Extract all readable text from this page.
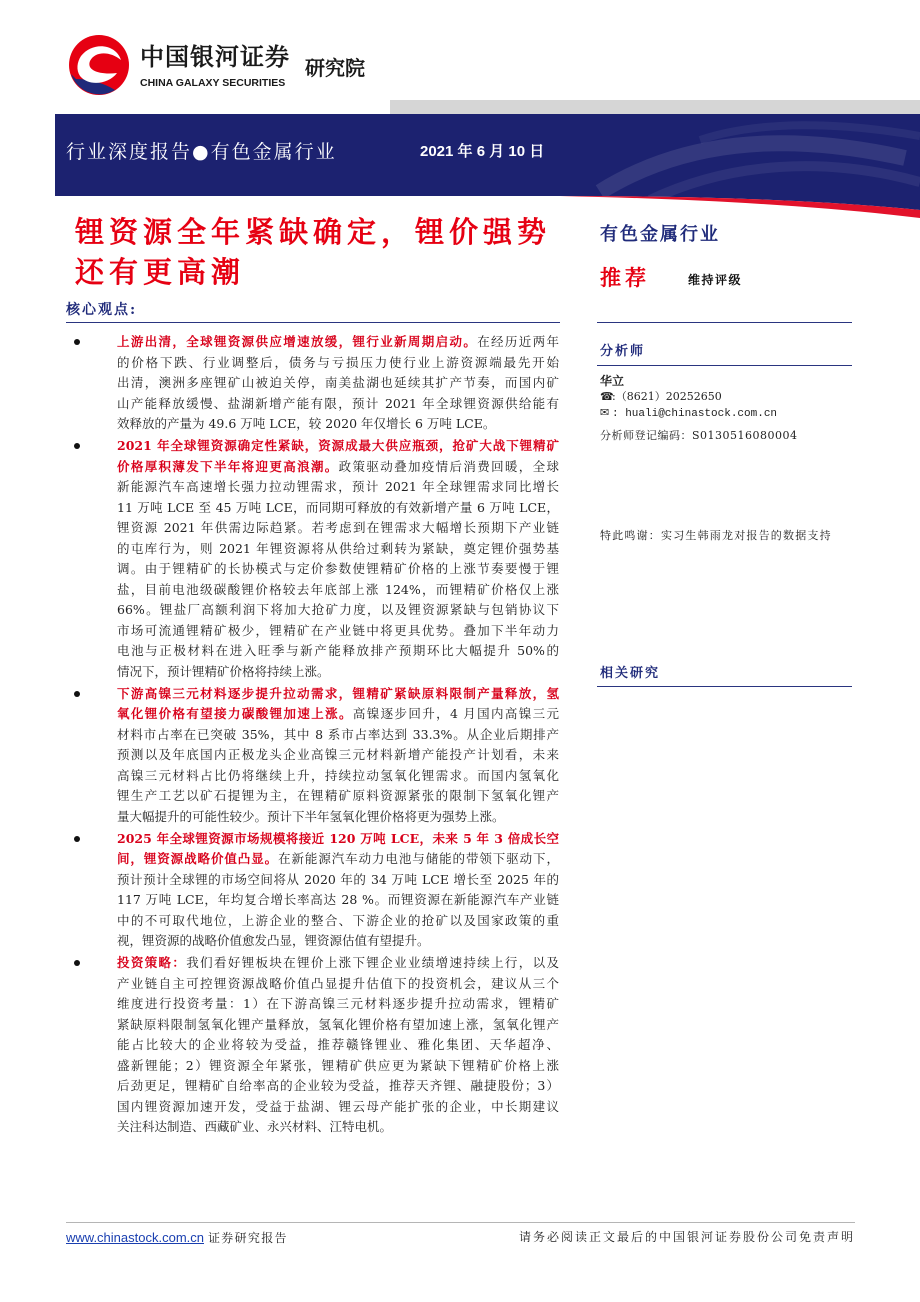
中国银河证券
CHINA GALAXY SECURITIES
研究院
行业深度报告●有色金属行业	2021 年 6 月 10 日
锂资源全年紧缺确定，锂价强势
还有更高潮
有色金属行业
推荐	维持评级
分析师
华立
☎:（8621）20252650
✉ : huali@chinastock.com.cn
分析师登记编码：S0130516080004
特此鸣谢：实习生韩雨龙对报告的数据支持
相关研究
核心观点:
上游出清，全球锂资源供应增速放缓，锂行业新周期启动。在经历近两年
的价格下跌、行业调整后，债务与亏损压力使行业上游资源端最先开始
出清，澳洲多座锂矿山被迫关停，南美盐湖也延续其扩产节奏，而国内矿
山产能释放缓慢、盐湖新增产能有限，预计 2021 年全球锂资源供给能有
效释放的产量为 49.6 万吨 LCE，较 2020 年仅增长 6 万吨 LCE。
2021 年全球锂资源确定性紧缺，资源成最大供应瓶颈，抢矿大战下锂精矿
价格厚积薄发下半年将迎更高浪潮。政策驱动叠加疫情后消费回暖，全球
新能源汽车高速增长强力拉动锂需求，预计 2021 年全球锂需求同比增长
11 万吨 LCE 至 45 万吨 LCE，而同期可释放的有效新增产量 6 万吨 LCE，
锂资源 2021 年供需边际趋紧。若考虑到在锂需求大幅增长预期下产业链
的屯库行为，则 2021 年锂资源将从供给过剩转为紧缺，奠定锂价强势基
调。由于锂精矿的长协模式与定价参数使锂精矿价格的上涨节奏要慢于锂
盐，目前电池级碳酸锂价格较去年底部上涨 124%，而锂精矿价格仅上涨
66%。锂盐厂高额利润下将加大抢矿力度，以及锂资源紧缺与包销协议下
市场可流通锂精矿极少，锂精矿在产业链中将更具优势。叠加下半年动力
电池与正极材料在进入旺季与新产能释放排产预期环比大幅提升 50%的
情况下，预计锂精矿价格将持续上涨。
下游高镍三元材料逐步提升拉动需求，锂精矿紧缺原料限制产量释放，氢
氧化锂价格有望接力碳酸锂加速上涨。高镍逐步回升，4 月国内高镍三元
材料市占率在已突破 35%，其中 8 系市占率达到 33.3%。从企业后期排产
预测以及年底国内正极龙头企业高镍三元材料新增产能投产计划看，未来
高镍三元材料占比仍将继续上升，持续拉动氢氧化锂需求。而国内氢氧化
锂生产工艺以矿石提锂为主，在锂精矿原料资源紧张的限制下氢氧化锂产
量大幅提升的可能性较少。预计下半年氢氧化锂价格将更为强势上涨。
2025 年全球锂资源市场规模将接近 120 万吨 LCE，未来 5 年 3 倍成长空
间，锂资源战略价值凸显。在新能源汽车动力电池与储能的带领下驱动下，
预计预计全球锂的市场空间将从 2020 年的 34 万吨 LCE 增长至 2025 年的
117 万吨 LCE，年均复合增长率高达 28 %。而锂资源在新能源汽车产业链
中的不可取代地位，上游企业的整合、下游企业的抢矿以及国家政策的重
视，锂资源的战略价值愈发凸显，锂资源估值有望提升。
投资策略：我们看好锂板块在锂价上涨下锂企业业绩增速持续上行，以及
产业链自主可控锂资源战略价值凸显提升估值下的投资机会，建议从三个
维度进行投资考量：1）在下游高镍三元材料逐步提升拉动需求，锂精矿
紧缺原料限制氢氧化锂产量释放，氢氧化锂价格有望加速上涨，氢氧化锂产
能占比较大的企业将较为受益，推荐赣锋锂业、雅化集团、天华超净、
盛新锂能；2）锂资源全年紧张，锂精矿供应更为紧缺下锂精矿价格上涨
后劲更足，锂精矿自给率高的企业较为受益，推荐天齐锂、融捷股份；3）
国内锂资源加速开发，受益于盐湖、锂云母产能扩张的企业，中长期建议
关注科达制造、西藏矿业、永兴材料、江特电机。
www.chinastock.com.cn 证券研究报告	请务必阅读正文最后的中国银河证券股份公司免责声明
